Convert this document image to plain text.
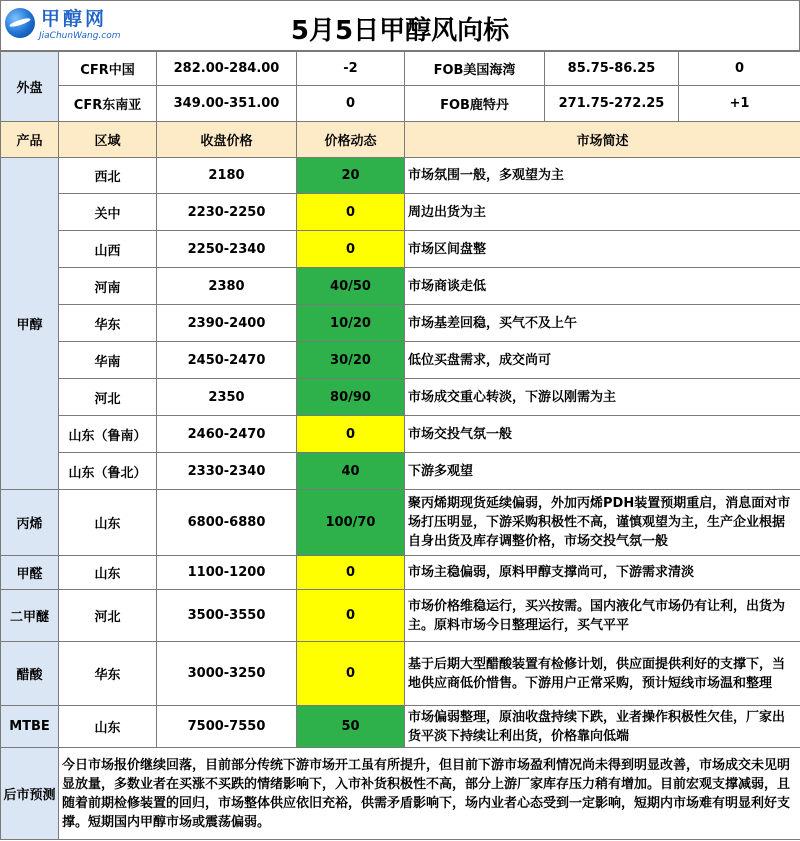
甲醇网
JiaChunWang.com	5月5日甲醇风向标
外盘	CFR中国	282.00-284.00	-2	FOB美国海湾	85.75-86.25	0
	CFR东南亚	349.00-351.00	0	FOB鹿特丹	271.75-272.25	+1
产品	区域	收盘价格	价格动态	市场简述		
甲醇	西北	2180	20	市场氛围一般，多观望为主		
	关中	2230-2250	0	周边出货为主		
	山西	2250-2340	0	市场区间盘整		
	河南	2380	40/50	市场商谈走低		
	华东	2390-2400	10/20	市场基差回稳，买气不及上午		
	华南	2450-2470	30/20	低位买盘需求，成交尚可		
	河北	2350	80/90	市场成交重心转淡，下游以刚需为主		
	山东（鲁南）	2460-2470	0	市场交投气氛一般		
	山东（鲁北）	2330-2340	40	下游多观望		
丙烯	山东	6800-6880	100/70	聚丙烯期现货延续偏弱，外加丙烯PDH装置预期重启，消息面对市场打压明显，下游采购积极性不高，谨慎观望为主，生产企业根据自身出货及库存调整价格，市场交投气氛一般		
甲醛	山东	1100-1200	0	市场主稳偏弱，原料甲醇支撑尚可，下游需求清淡		
二甲醚	河北	3500-3550	0	市场价格维稳运行，买兴按需。国内液化气市场仍有让利，出货为主。原料市场今日整理运行，买气平平		
醋酸	华东	3000-3250	0	基于后期大型醋酸装置有检修计划，供应面提供利好的支撑下，当地供应商低价惜售。下游用户正常采购，预计短线市场温和整理		
MTBE	山东	7500-7550	50	市场偏弱整理，原油收盘持续下跌，业者操作积极性欠佳，厂家出货平淡下持续让利出货，价格靠向低端		
后市预测	今日市场报价继续回落，目前部分传统下游市场开工虽有所提升，但目前下游市场盈利情况尚未得到明显改善，市场成交未见明显放量，多数业者在买涨不买跌的情绪影响下，入市补货积极性不高，部分上游厂家库存压力稍有增加。目前宏观支撑减弱，且随着前期检修装置的回归，市场整体供应依旧充裕，供需矛盾影响下，场内业者心态受到一定影响，短期内市场难有明显利好支撑。短期国内甲醇市场或震荡偏弱。					
